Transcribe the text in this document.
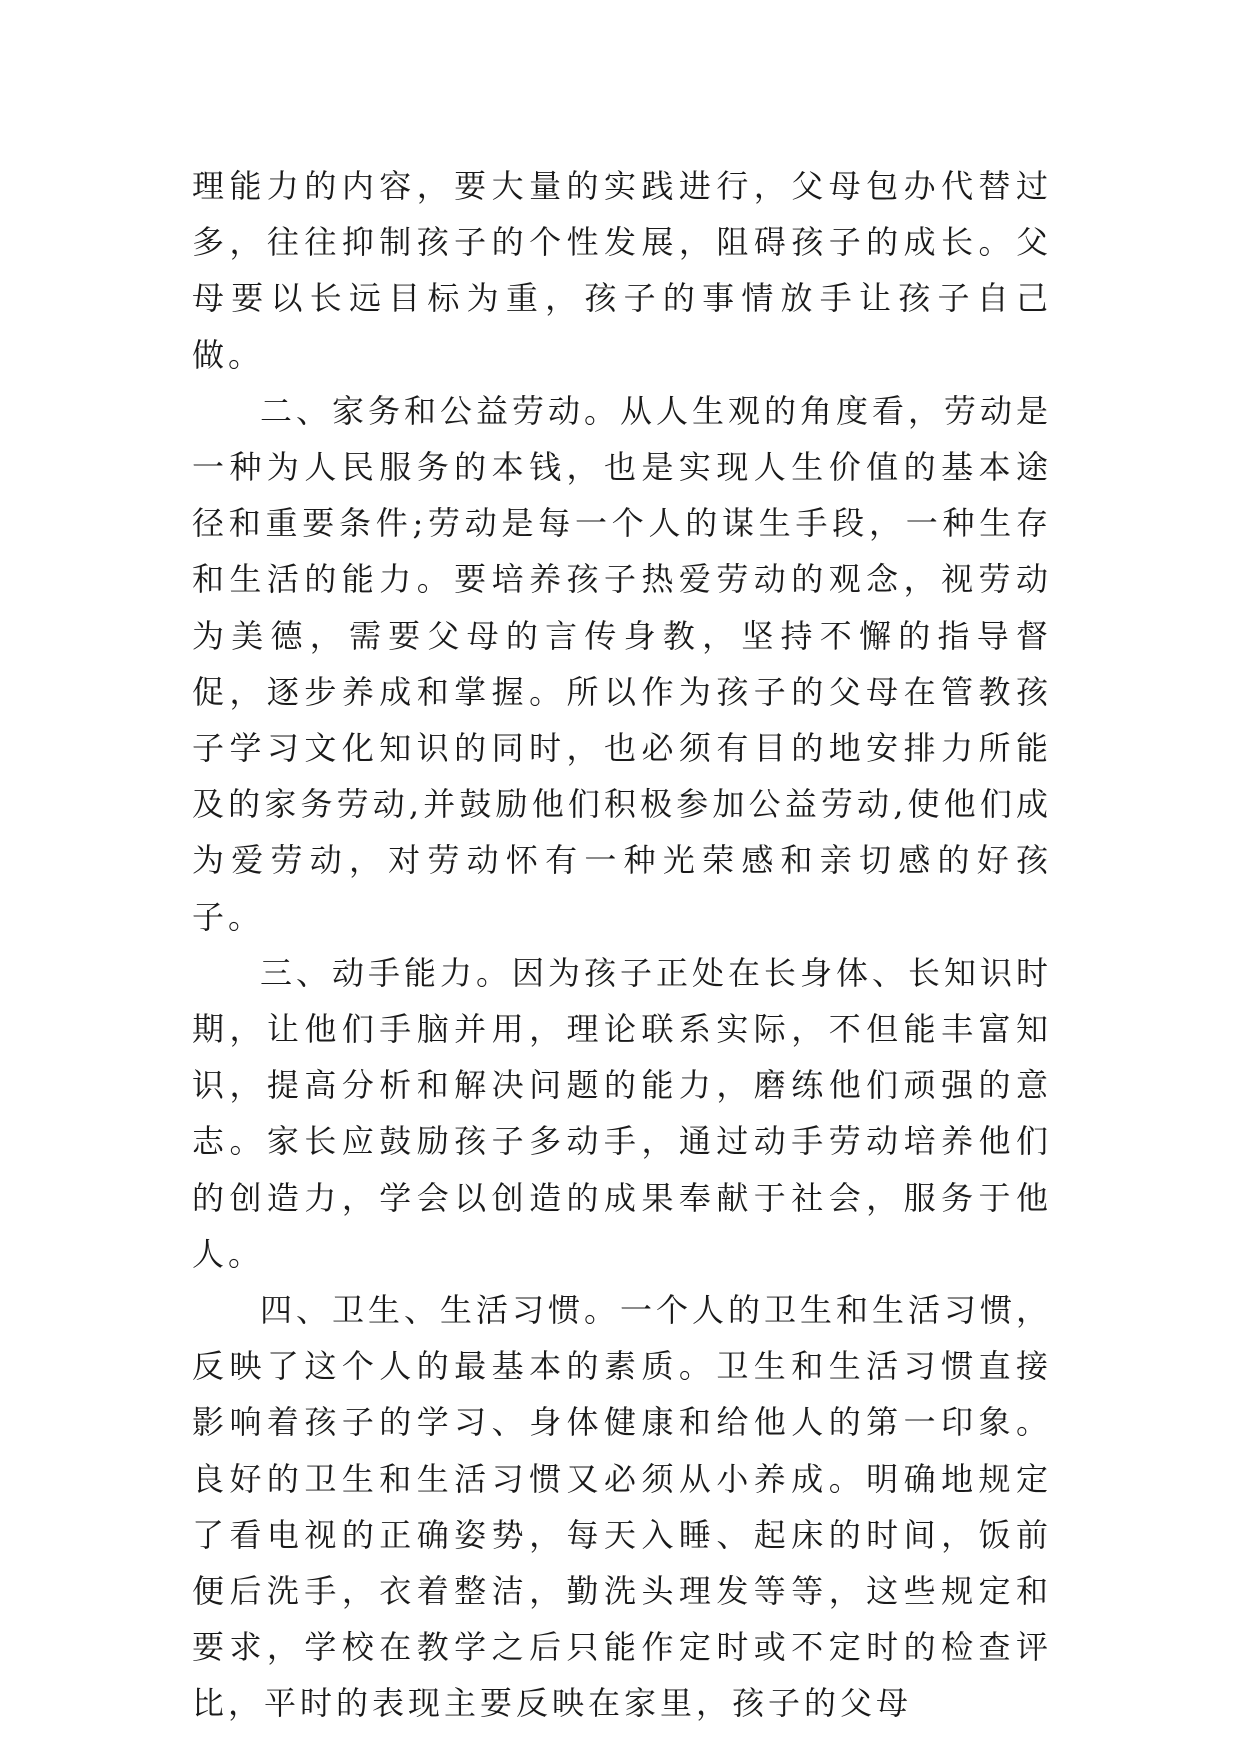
理能力的内容，要大量的实践进行，父母包办代替过多，往往抑制孩子的个性发展，阻碍孩子的成长。父母要以长远目标为重，孩子的事情放手让孩子自己做。

二、家务和公益劳动。从人生观的角度看，劳动是一种为人民服务的本钱，也是实现人生价值的基本途径和重要条件;劳动是每一个人的谋生手段，一种生存和生活的能力。要培养孩子热爱劳动的观念，视劳动为美德，需要父母的言传身教，坚持不懈的指导督促，逐步养成和掌握。所以作为孩子的父母在管教孩子学习文化知识的同时，也必须有目的地安排力所能及的家务劳动,并鼓励他们积极参加公益劳动,使他们成为爱劳动，对劳动怀有一种光荣感和亲切感的好孩子。

三、动手能力。因为孩子正处在长身体、长知识时期，让他们手脑并用，理论联系实际，不但能丰富知识，提高分析和解决问题的能力，磨练他们顽强的意志。家长应鼓励孩子多动手，通过动手劳动培养他们的创造力，学会以创造的成果奉献于社会，服务于他人。

四、卫生、生活习惯。一个人的卫生和生活习惯，反映了这个人的最基本的素质。卫生和生活习惯直接影响着孩子的学习、身体健康和给他人的第一印象。良好的卫生和生活习惯又必须从小养成。明确地规定了看电视的正确姿势，每天入睡、起床的时间，饭前便后洗手，衣着整洁，勤洗头理发等等，这些规定和要求，学校在教学之后只能作定时或不定时的检查评比，平时的表现主要反映在家里，孩子的父母
